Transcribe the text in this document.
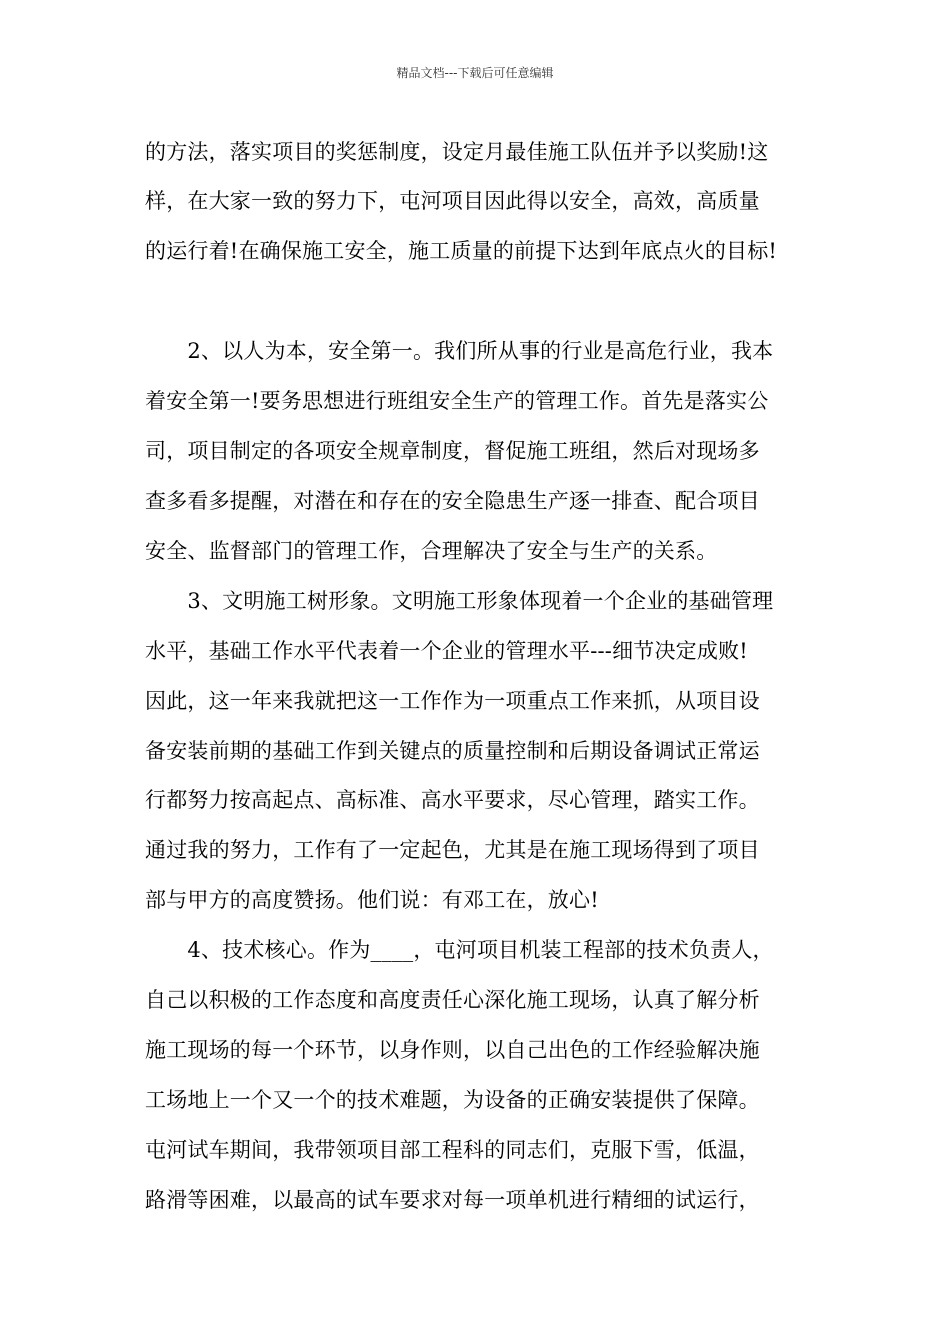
精品文档---下载后可任意编辑
的方法，落实项目的奖惩制度，设定月最佳施工队伍并予以奖励!这
样，在大家一致的努力下，屯河项目因此得以安全，高效，高质量
的运行着!在确保施工安全，施工质量的前提下达到年底点火的目标!
　　2、以人为本，安全第一。我们所从事的行业是高危行业，我本
着安全第一!要务思想进行班组安全生产的管理工作。首先是落实公
司，项目制定的各项安全规章制度，督促施工班组，然后对现场多
查多看多提醒，对潜在和存在的安全隐患生产逐一排查、配合项目
安全、监督部门的管理工作，合理解决了安全与生产的关系。
　　3、文明施工树形象。文明施工形象体现着一个企业的基础管理
水平，基础工作水平代表着一个企业的管理水平---细节决定成败!
因此，这一年来我就把这一工作作为一项重点工作来抓，从项目设
备安装前期的基础工作到关键点的质量控制和后期设备调试正常运
行都努力按高起点、高标准、高水平要求，尽心管理，踏实工作。
通过我的努力，工作有了一定起色，尤其是在施工现场得到了项目
部与甲方的高度赞扬。他们说：有邓工在，放心!
　　4、技术核心。作为____，屯河项目机装工程部的技术负责人，
自己以积极的工作态度和高度责任心深化施工现场，认真了解分析
施工现场的每一个环节，以身作则，以自己出色的工作经验解决施
工场地上一个又一个的技术难题，为设备的正确安装提供了保障。
屯河试车期间，我带领项目部工程科的同志们，克服下雪，低温，
路滑等困难，以最高的试车要求对每一项单机进行精细的试运行，
